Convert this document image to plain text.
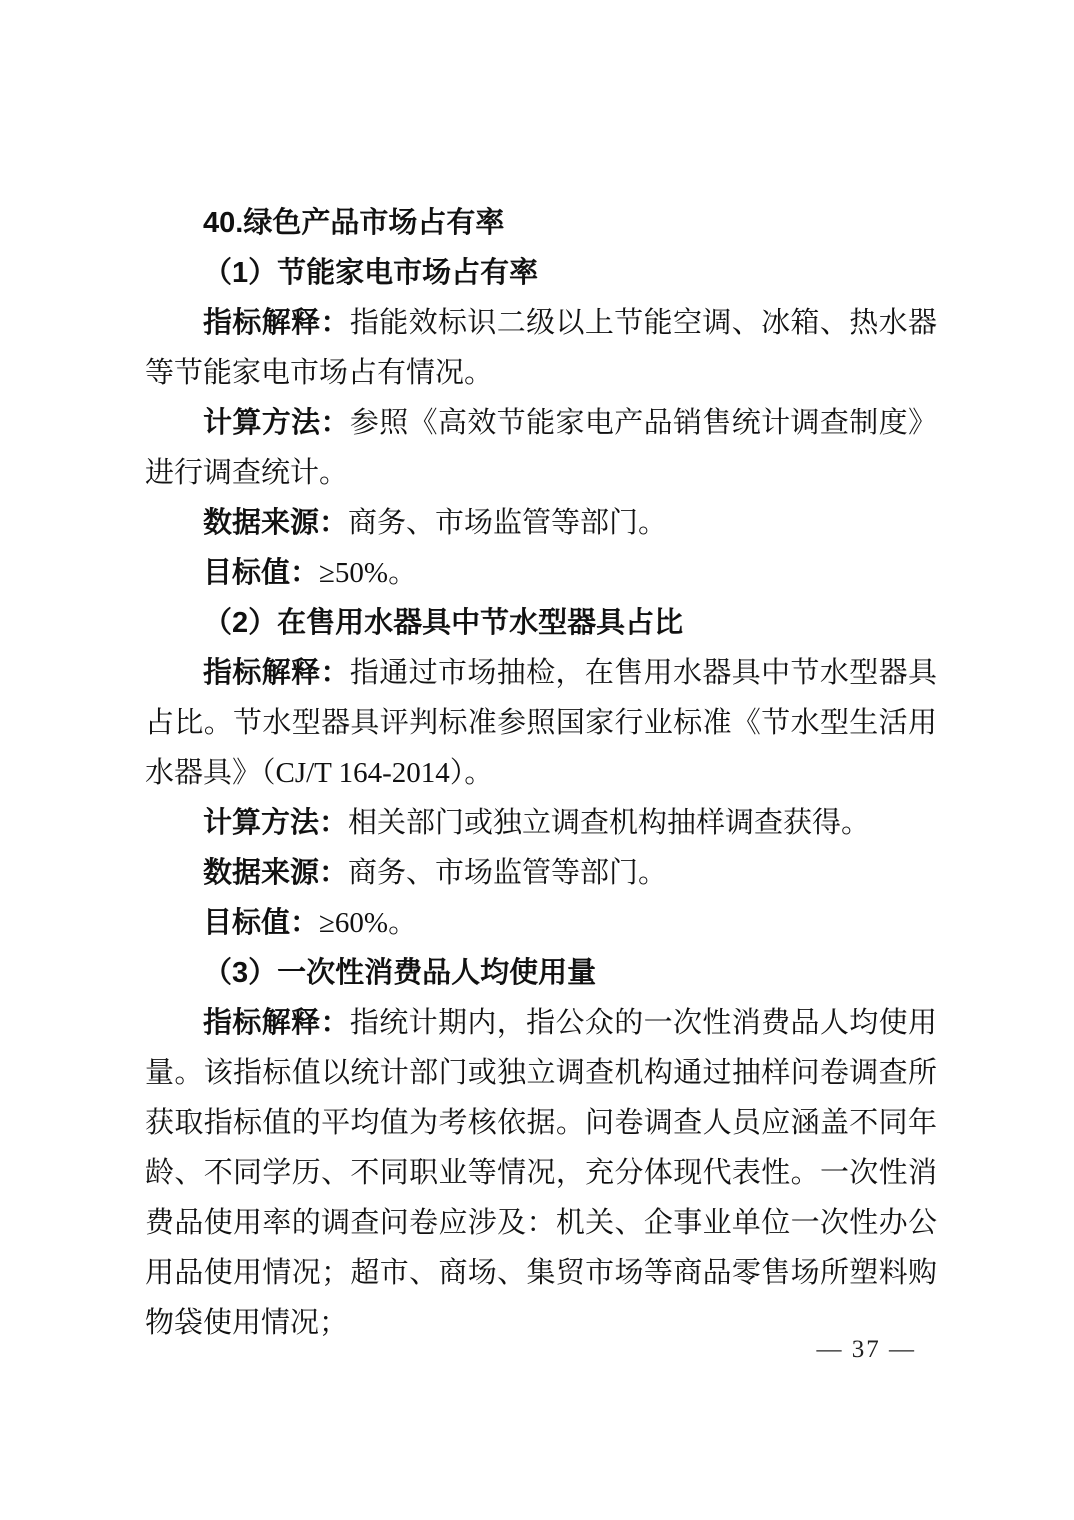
40.绿色产品市场占有率

（1）节能家电市场占有率

指标解释：指能效标识二级以上节能空调、冰箱、热水器等节能家电市场占有情况。

计算方法：参照《高效节能家电产品销售统计调查制度》进行调查统计。

数据来源：商务、市场监管等部门。

目标值：≥50%。

（2）在售用水器具中节水型器具占比

指标解释：指通过市场抽检，在售用水器具中节水型器具占比。节水型器具评判标准参照国家行业标准《节水型生活用水器具》（CJ/T 164-2014）。

计算方法：相关部门或独立调查机构抽样调查获得。

数据来源：商务、市场监管等部门。

目标值：≥60%。

（3）一次性消费品人均使用量

指标解释：指统计期内，指公众的一次性消费品人均使用量。该指标值以统计部门或独立调查机构通过抽样问卷调查所获取指标值的平均值为考核依据。问卷调查人员应涵盖不同年龄、不同学历、不同职业等情况，充分体现代表性。一次性消费品使用率的调查问卷应涉及：机关、企事业单位一次性办公用品使用情况；超市、商场、集贸市场等商品零售场所塑料购物袋使用情况；

— 37 —
